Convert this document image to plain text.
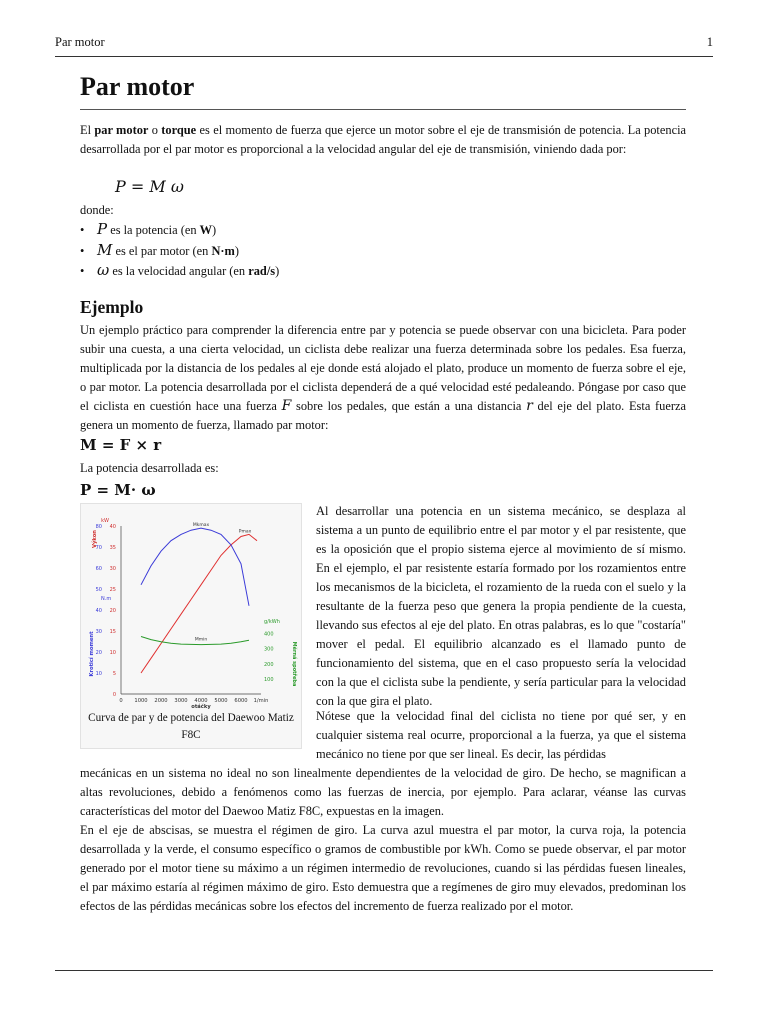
Par motor	1
Par motor

El par motor o torque es el momento de fuerza que ejerce un motor sobre el eje de transmisión de potencia. La potencia desarrollada por el par motor es proporcional a la velocidad angular del eje de transmisión, viniendo dada por:

P = M ω

donde:

• P es la potencia (en W)
• M es el par motor (en N·m)
• ω es la velocidad angular (en rad/s)
Ejemplo

Un ejemplo práctico para comprender la diferencia entre par y potencia se puede observar con una bicicleta. Para poder subir una cuesta, a una cierta velocidad, un ciclista debe realizar una fuerza determinada sobre los pedales. Esa fuerza, multiplicada por la distancia de los pedales al eje donde está alojado el plato, produce un momento de fuerza sobre el eje, o par motor. La potencia desarrollada por el ciclista dependerá de a qué velocidad esté pedaleando. Póngase por caso que el ciclista en cuestión hace una fuerza F sobre los pedales, que están a una distancia r del eje del plato. Esta fuerza genera un momento de fuerza, llamado par motor:

M = F × r

La potencia desarrollada es:

P = M· ω
0 1000 2000 3000 4000 5000 6000 1/min
otáčky
0
5
10
15
20
25
30
35
40
kW
Výkon
10
20
30
40
50
60
70
80
N.m
Kroticí moment
100
200
300
400
g/kWh
Měrná spotřeba
Pmax
Mkmax
Mmin
Curva de par y de potencia del Daewoo Matiz F8C

Al desarrollar una potencia en un sistema mecánico, se desplaza al sistema a un punto de equilibrio entre el par motor y el par resistente, que es la oposición que el propio sistema ejerce al movimiento de sí mismo. En el ejemplo, el par resistente estaría formado por los rozamientos entre los mecanismos de la bicicleta, el rozamiento de la rueda con el suelo y la resultante de la fuerza peso que genera la propia pendiente de la cuesta, llevando sus efectos al eje del plato. En otras palabras, es lo que "costaría" mover el pedal. El equilibrio alcanzado es el llamado punto de funcionamiento del sistema, que en el caso propuesto sería la velocidad con la que el ciclista sube la pendiente, y sería particular para la velocidad con la que gira el plato.

Nótese que la velocidad final del ciclista no tiene por qué ser, y en cualquier sistema real ocurre, proporcional a la fuerza, ya que el sistema mecánico no tiene por que ser lineal. Es decir, las pérdidas

mecánicas en un sistema no ideal no son linealmente dependientes de la velocidad de giro. De hecho, se magnifican a altas revoluciones, debido a fenómenos como las fuerzas de inercia, por ejemplo. Para aclarar, véanse las curvas características del motor del Daewoo Matiz F8C, expuestas en la imagen.

En el eje de abscisas, se muestra el régimen de giro. La curva azul muestra el par motor, la curva roja, la potencia desarrollada y la verde, el consumo específico o gramos de combustible por kWh. Como se puede observar, el par motor generado por el motor tiene su máximo a un régimen intermedio de revoluciones, cuando si las pérdidas fuesen lineales, el par máximo estaría al régimen máximo de giro. Esto demuestra que a regímenes de giro muy elevados, predominan los efectos de las pérdidas mecánicas sobre los efectos del incremento de fuerza realizado por el motor.
